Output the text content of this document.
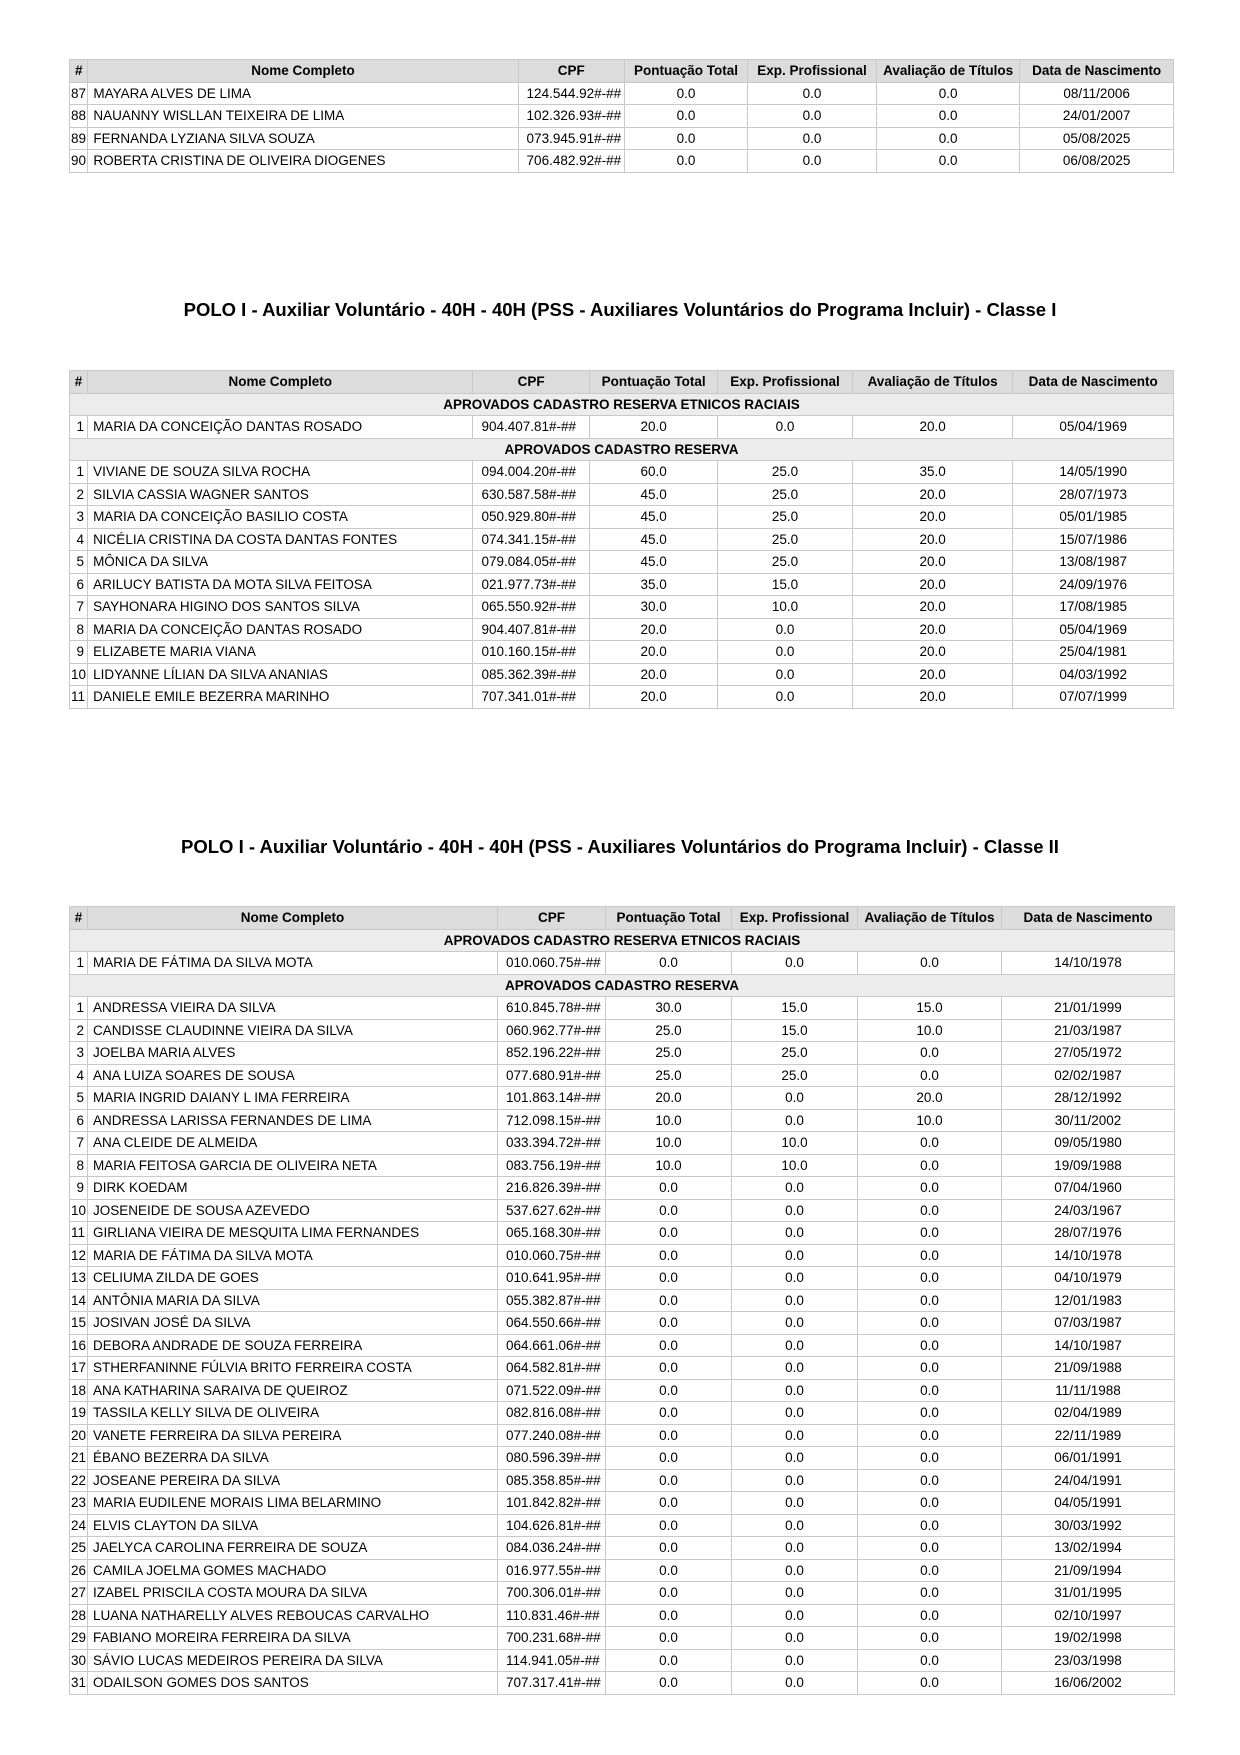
#	Nome Completo	CPF	Pontuação Total	Exp. Profissional	Avaliação de Títulos	Data de Nascimento
87	MAYARA ALVES DE LIMA	124.544.92#-##	0.0	0.0	0.0	08/11/2006
88	NAUANNY WISLLAN TEIXEIRA DE LIMA	102.326.93#-##	0.0	0.0	0.0	24/01/2007
89	FERNANDA LYZIANA SILVA SOUZA	073.945.91#-##	0.0	0.0	0.0	05/08/2025
90	ROBERTA CRISTINA DE OLIVEIRA DIOGENES	706.482.92#-##	0.0	0.0	0.0	06/08/2025
POLO I - Auxiliar Voluntário - 40H - 40H (PSS - Auxiliares Voluntários do Programa Incluir) - Classe I
#	Nome Completo	CPF	Pontuação Total	Exp. Profissional	Avaliação de Títulos	Data de Nascimento
APROVADOS CADASTRO RESERVA ETNICOS RACIAIS						
1	MARIA DA CONCEIÇÃO DANTAS ROSADO	904.407.81#-##	20.0	0.0	20.0	05/04/1969
APROVADOS CADASTRO RESERVA						
1	VIVIANE DE SOUZA SILVA ROCHA	094.004.20#-##	60.0	25.0	35.0	14/05/1990
2	SILVIA CASSIA WAGNER SANTOS	630.587.58#-##	45.0	25.0	20.0	28/07/1973
3	MARIA DA CONCEIÇÃO BASILIO COSTA	050.929.80#-##	45.0	25.0	20.0	05/01/1985
4	NICÉLIA CRISTINA DA COSTA DANTAS FONTES	074.341.15#-##	45.0	25.0	20.0	15/07/1986
5	MÔNICA DA SILVA	079.084.05#-##	45.0	25.0	20.0	13/08/1987
6	ARILUCY BATISTA DA MOTA SILVA FEITOSA	021.977.73#-##	35.0	15.0	20.0	24/09/1976
7	SAYHONARA HIGINO DOS SANTOS SILVA	065.550.92#-##	30.0	10.0	20.0	17/08/1985
8	MARIA DA CONCEIÇÃO DANTAS ROSADO	904.407.81#-##	20.0	0.0	20.0	05/04/1969
9	ELIZABETE MARIA VIANA	010.160.15#-##	20.0	0.0	20.0	25/04/1981
10	LIDYANNE LÍLIAN DA SILVA ANANIAS	085.362.39#-##	20.0	0.0	20.0	04/03/1992
11	DANIELE EMILE BEZERRA MARINHO	707.341.01#-##	20.0	0.0	20.0	07/07/1999
POLO I - Auxiliar Voluntário - 40H - 40H (PSS - Auxiliares Voluntários do Programa Incluir) - Classe II
#	Nome Completo	CPF	Pontuação Total	Exp. Profissional	Avaliação de Títulos	Data de Nascimento
APROVADOS CADASTRO RESERVA ETNICOS RACIAIS						
1	MARIA DE FÁTIMA DA SILVA MOTA	010.060.75#-##	0.0	0.0	0.0	14/10/1978
APROVADOS CADASTRO RESERVA						
1	ANDRESSA VIEIRA DA SILVA	610.845.78#-##	30.0	15.0	15.0	21/01/1999
2	CANDISSE CLAUDINNE VIEIRA DA SILVA	060.962.77#-##	25.0	15.0	10.0	21/03/1987
3	JOELBA MARIA ALVES	852.196.22#-##	25.0	25.0	0.0	27/05/1972
4	ANA LUIZA SOARES DE SOUSA	077.680.91#-##	25.0	25.0	0.0	02/02/1987
5	MARIA INGRID DAIANY L IMA FERREIRA	101.863.14#-##	20.0	0.0	20.0	28/12/1992
6	ANDRESSA LARISSA FERNANDES DE LIMA	712.098.15#-##	10.0	0.0	10.0	30/11/2002
7	ANA CLEIDE DE ALMEIDA	033.394.72#-##	10.0	10.0	0.0	09/05/1980
8	MARIA FEITOSA GARCIA DE OLIVEIRA NETA	083.756.19#-##	10.0	10.0	0.0	19/09/1988
9	DIRK KOEDAM	216.826.39#-##	0.0	0.0	0.0	07/04/1960
10	JOSENEIDE DE SOUSA AZEVEDO	537.627.62#-##	0.0	0.0	0.0	24/03/1967
11	GIRLIANA VIEIRA DE MESQUITA LIMA FERNANDES	065.168.30#-##	0.0	0.0	0.0	28/07/1976
12	MARIA DE FÁTIMA DA SILVA MOTA	010.060.75#-##	0.0	0.0	0.0	14/10/1978
13	CELIUMA ZILDA DE GOES	010.641.95#-##	0.0	0.0	0.0	04/10/1979
14	ANTÔNIA MARIA DA SILVA	055.382.87#-##	0.0	0.0	0.0	12/01/1983
15	JOSIVAN JOSÉ DA SILVA	064.550.66#-##	0.0	0.0	0.0	07/03/1987
16	DEBORA ANDRADE DE SOUZA FERREIRA	064.661.06#-##	0.0	0.0	0.0	14/10/1987
17	STHERFANINNE FÚLVIA BRITO FERREIRA COSTA	064.582.81#-##	0.0	0.0	0.0	21/09/1988
18	ANA KATHARINA SARAIVA DE QUEIROZ	071.522.09#-##	0.0	0.0	0.0	11/11/1988
19	TASSILA KELLY SILVA DE OLIVEIRA	082.816.08#-##	0.0	0.0	0.0	02/04/1989
20	VANETE FERREIRA DA SILVA PEREIRA	077.240.08#-##	0.0	0.0	0.0	22/11/1989
21	ÉBANO BEZERRA DA SILVA	080.596.39#-##	0.0	0.0	0.0	06/01/1991
22	JOSEANE PEREIRA DA SILVA	085.358.85#-##	0.0	0.0	0.0	24/04/1991
23	MARIA EUDILENE MORAIS LIMA BELARMINO	101.842.82#-##	0.0	0.0	0.0	04/05/1991
24	ELVIS CLAYTON DA SILVA	104.626.81#-##	0.0	0.0	0.0	30/03/1992
25	JAELYCA CAROLINA FERREIRA DE SOUZA	084.036.24#-##	0.0	0.0	0.0	13/02/1994
26	CAMILA JOELMA GOMES MACHADO	016.977.55#-##	0.0	0.0	0.0	21/09/1994
27	IZABEL PRISCILA COSTA MOURA DA SILVA	700.306.01#-##	0.0	0.0	0.0	31/01/1995
28	LUANA NATHARELLY ALVES REBOUCAS CARVALHO	110.831.46#-##	0.0	0.0	0.0	02/10/1997
29	FABIANO MOREIRA FERREIRA DA SILVA	700.231.68#-##	0.0	0.0	0.0	19/02/1998
30	SÁVIO LUCAS MEDEIROS PEREIRA DA SILVA	114.941.05#-##	0.0	0.0	0.0	23/03/1998
31	ODAILSON GOMES DOS SANTOS	707.317.41#-##	0.0	0.0	0.0	16/06/2002
